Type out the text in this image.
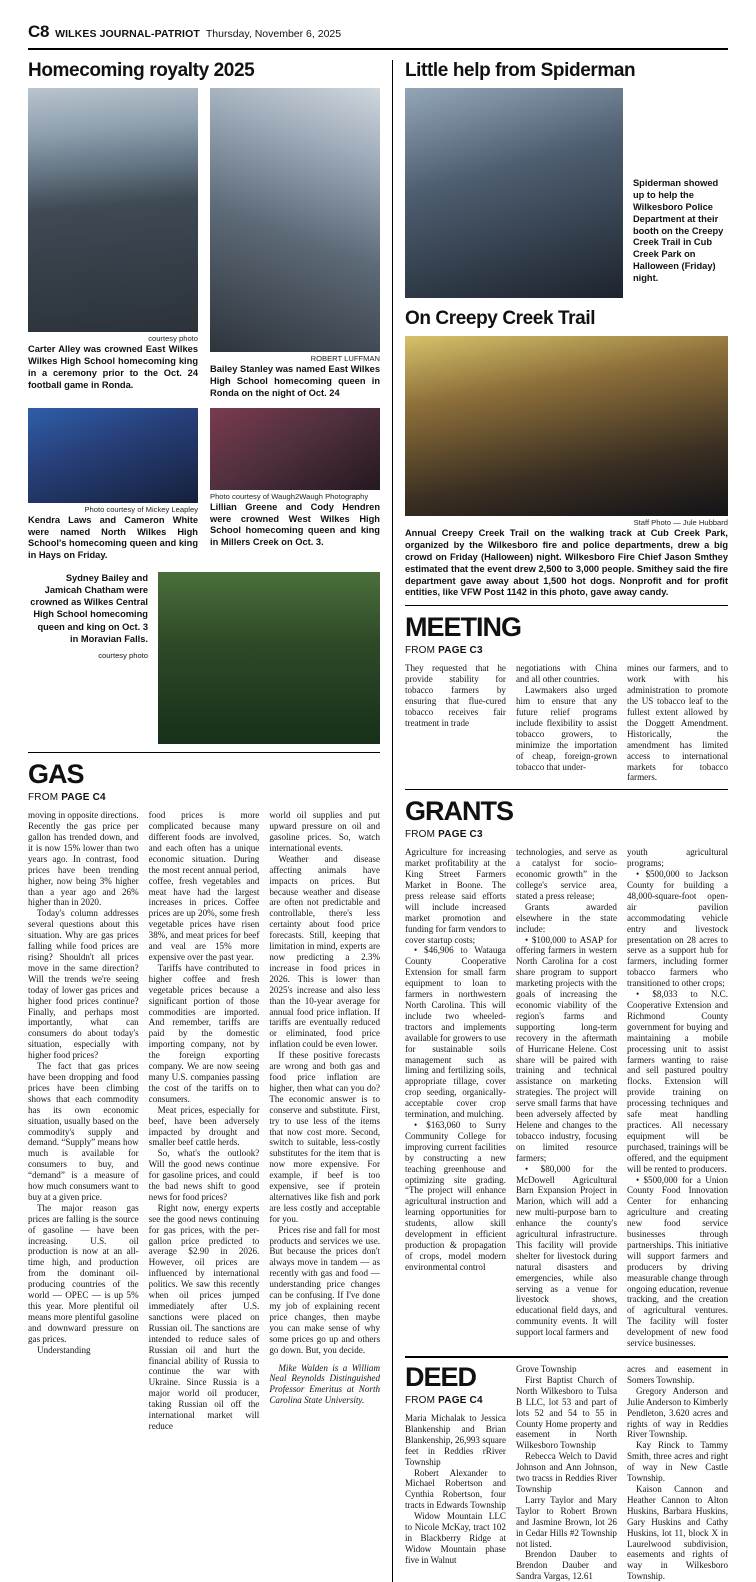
C8 WILKES JOURNAL-PATRIOT Thursday, November 6, 2025
Homecoming royalty 2025
courtesy photo

Carter Alley was crowned East Wilkes Wilkes High School homecoming king in a ceremony prior to the Oct. 24 football game in Ronda.

ROBERT LUFFMAN

Bailey Stanley was named East Wilkes High School homecoming queen in Ronda on the night of Oct. 24

Photo courtesy of Mickey Leapley

Kendra Laws and Cameron White were named North Wilkes High School's homecoming queen and king in Hays on Friday.

Photo courtesy of Waugh2Waugh Photography

Lillian Greene and Cody Hendren were crowned West Wilkes High School homecoming queen and king in Millers Creek on Oct. 3.

Sydney Bailey and Jamicah Chatham were crowned as Wilkes Central High School homecoming queen and king on Oct. 3 in Moravian Falls.
courtesy photo
GAS
FROM PAGE C4

moving in opposite directions. Recently the gas price per gallon has trended down, and it is now 15% lower than two years ago. In contrast, food prices have been trending higher, now being 3% higher than a year ago and 26% higher than in 2020.

Today's column addresses several questions about this situation. Why are gas prices falling while food prices are rising? Shouldn't all prices move in the same direction? Will the trends we're seeing today of lower gas prices and higher food prices continue? Finally, and perhaps most importantly, what can consumers do about today's situation, especially with higher food prices?

The fact that gas prices have been dropping and food prices have been climbing shows that each commodity has its own economic situation, usually based on the commodity's supply and demand. “Supply” means how much is available for consumers to buy, and “demand” is a measure of how much consumers want to buy at a given price.

The major reason gas prices are falling is the source of gasoline — have been increasing. U.S. oil production is now at an all-time high, and production from the dominant oil-producing countries of the world — OPEC — is up 5% this year. More plentiful oil means more plentiful gasoline and downward pressure on gas prices.

Understanding

food prices is more complicated because many different foods are involved, and each often has a unique economic situation. During the most recent annual period, coffee, fresh vegetables and meat have had the largest increases in prices. Coffee prices are up 20%, some fresh vegetable prices have risen 38%, and meat prices for beef and veal are 15% more expensive over the past year.

Tariffs have contributed to higher coffee and fresh vegetable prices because a significant portion of those commodities are imported. And remember, tariffs are paid by the domestic importing company, not by the foreign exporting company. We are now seeing many U.S. companies passing the cost of the tariffs on to consumers.

Meat prices, especially for beef, have been adversely impacted by drought and smaller beef cattle herds.

So, what's the outlook? Will the good news continue for gasoline prices, and could the bad news shift to good news for food prices?

Right now, energy experts see the good news continuing for gas prices, with the per-gallon price predicted to average $2.90 in 2026. However, oil prices are influenced by international politics. We saw this recently when oil prices jumped immediately after U.S. sanctions were placed on Russian oil. The sanctions are intended to reduce sales of Russian oil and hurt the financial ability of Russia to continue the war with Ukraine. Since Russia is a major world oil producer, taking Russian oil off the international market will reduce

world oil supplies and put upward pressure on oil and gasoline prices. So, watch international events.

Weather and disease affecting animals have impacts on prices. But because weather and disease are often not predictable and controllable, there's less certainty about food price forecasts. Still, keeping that limitation in mind, experts are now predicting a 2.3% increase in food prices in 2026. This is lower than 2025's increase and also less than the 10-year average for annual food price inflation. If tariffs are eventually reduced or eliminated, food price inflation could be even lower.

If these positive forecasts are wrong and both gas and food price inflation are higher, then what can you do? The economic answer is to conserve and substitute. First, try to use less of the items that now cost more. Second, switch to suitable, less-costly substitutes for the item that is now more expensive. For example, if beef is too expensive, see if protein alternatives like fish and pork are less costly and acceptable for you.

Prices rise and fall for most products and services we use. But because the prices don't always move in tandem — as recently with gas and food — understanding price changes can be confusing. If I've done my job of explaining recent price changes, then maybe you can make sense of why some prices go up and others go down. But, you decide.

Mike Walden is a William Neal Reynolds Distinguished Professor Emeritus at North Carolina State University.

Little help from Spiderman

Spiderman showed up to help the Wilkesboro Police Department at their booth on the Creepy Creek Trail in Cub Creek Park on Halloween (Friday) night.

On Creepy Creek Trail
Staff Photo — Jule Hubbard

Annual Creepy Creek Trail on the walking track at Cub Creek Park, organized by the Wilkesboro fire and police departments, drew a big crowd on Friday (Halloween) night. Wilkesboro Fire Chief Jason Smthey estimated that the event drew 2,500 to 3,000 people. Smithey said the fire department gave away about 1,500 hot dogs. Nonprofit and for profit entities, like VFW Post 1142 in this photo, gave away candy.

MEETING
FROM PAGE C3

They requested that he provide stability for tobacco farmers by ensuring that flue-cured tobacco receives fair treatment in trade

negotiations with China and all other countries.

Lawmakers also urged him to ensure that any future relief programs include flexibility to assist tobacco growers, to minimize the importation of cheap, foreign-grown tobacco that under-

mines our farmers, and to work with his administration to promote the US tobacco leaf to the fullest extent allowed by the Doggett Amendment. Historically, the amendment has limited access to international markets for tobacco farmers.

GRANTS
FROM PAGE C3

Agriculture for increasing market profitability at the King Street Farmers Market in Boone. The press release said efforts will include increased market promotion and funding for farm vendors to cover startup costs;

• $46,906 to Watauga County Cooperative Extension for small farm equipment to loan to farmers in northwestern North Carolina. This will include two wheeled-tractors and implements available for growers to use for sustainable soils management such as liming and fertilizing soils, appropriate tillage, cover crop seeding, organically-acceptable cover crop termination, and mulching.

• $163,060 to Surry Community College for improving current facilities by constructing a new teaching greenhouse and optimizing site grading. “The project will enhance agricultural instruction and learning opportunities for students, allow skill development in efficient production & propagation of crops, model modern environmental control

technologies, and serve as a catalyst for socio-economic growth” in the college's service area, stated a press release;

Grants awarded elsewhere in the state include:

• $100,000 to ASAP for offering farmers in western North Carolina for a cost share program to support marketing projects with the goals of increasing the economic viability of the region's farms and supporting long-term recovery in the aftermath of Hurricane Helene. Cost share will be paired with training and technical assistance on marketing strategies. The project will serve small farms that have been adversely affected by Helene and changes to the tobacco industry, focusing on limited resource farmers;

• $80,000 for the McDowell Agricultural Barn Expansion Project in Marion, which will add a new multi-purpose barn to enhance the county's agricultural infrastructure. This facility will provide shelter for livestock during natural disasters and emergencies, while also serving as a venue for livestock shows, educational field days, and community events. It will support local farmers and

youth agricultural programs;

• $500,000 to Jackson County for building a 48,000-square-foot open-air pavilion accommodating vehicle entry and livestock presentation on 28 acres to serve as a support hub for farmers, including former tobacco farmers who transitioned to other crops;

• $8,033 to N.C. Cooperative Extension and Richmond County government for buying and maintaining a mobile processing unit to assist farmers wanting to raise and sell pastured poultry flocks. Extension will provide training on processing techniques and safe meat handling practices. All necessary equipment will be purchased, trainings will be offered, and the equipment will be rented to producers.

• $500,000 for a Union County Food Innovation Center for enhancing agriculture and creating new food service businesses through partnerships. This initiative will support farmers and producers by driving measurable change through ongoing education, revenue tracking, and the creation of agricultural ventures. The facility will foster development of new food service businesses.

DEED
FROM PAGE C4

Maria Michalak to Jessica Blankenship and Brian Blankenship, 26,993 square feet in Reddies rRiver Township

Robert Alexander to Michael Robertson and Cynthia Robertson, four tracts in Edwards Township

Widow Mountain LLC to Nicole McKay, tract 102 in Blackberry Ridge at Widow Mountain phase five in Walnut

Grove Township

First Baptist Church of North Wilkesboro to Tulsa B LLC, lot 53 and part of lots 52 and 54 to 55 in County Home property and easement in North Wilkesboro Township

Rebecca Welch to David Johnson and Ann Johnson, two tracss in Reddies River Township

Larry Taylor and Mary Taylor to Robert Brown and Jasmine Brown, lot 26 in Cedar Hills #2 Township not listed.

Brendon Dauber to Brendon Dauber and Sandra Vargas, 12.61

acres and easement in Somers Township.

Gregory Anderson and Julie Anderson to Kimberly Pendleton, 3.620 acres and rights of way in Reddies River Township.

Kay Rinck to Tammy Smith, three acres and right of way in New Castle Township.

Kaison Cannon and Heather Cannon to Alton Huskins, Barbara Huskins, Gary Huskins and Cathy Huskins, lot 11, block X in Laurelwood subdivision, easements and rights of way in Wilkesboro Township.
